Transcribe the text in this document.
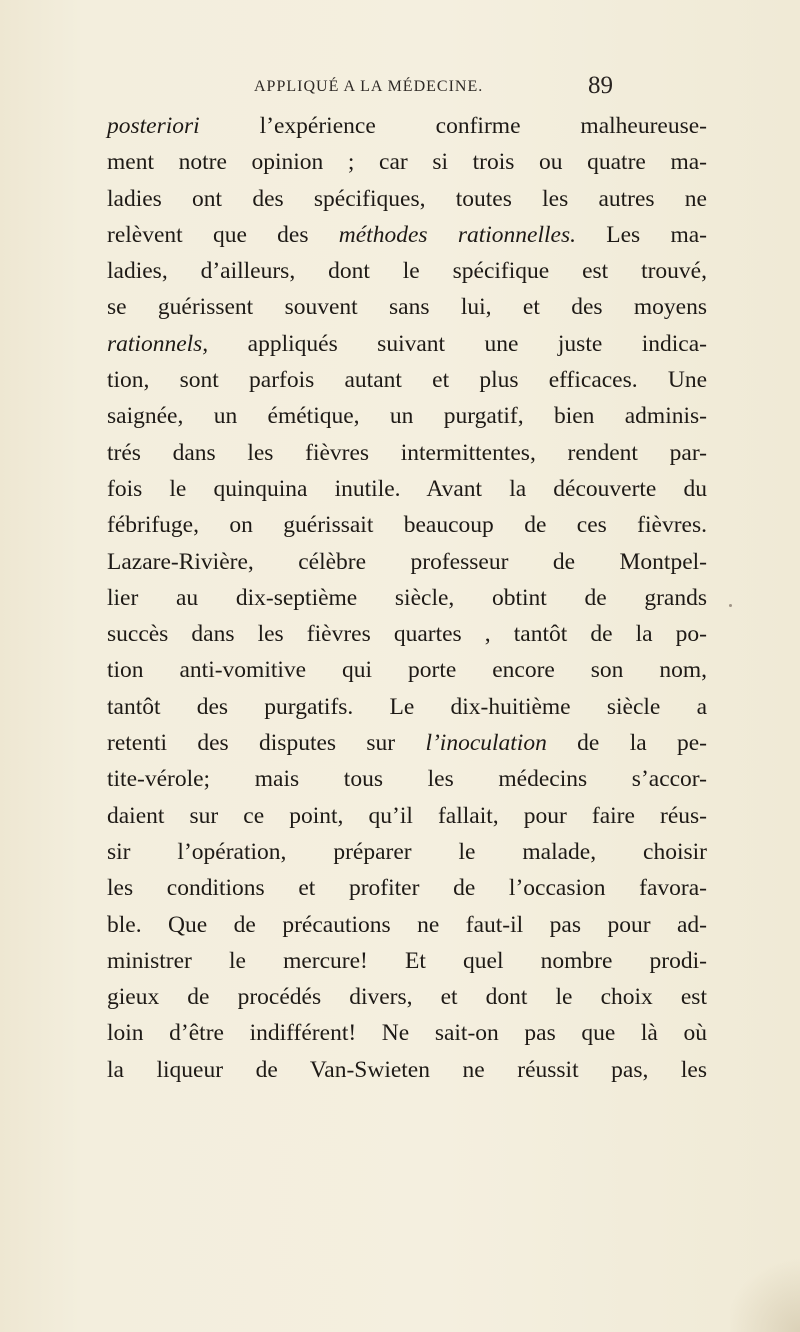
APPLIQUÉ A LA MÉDECINE.	89
posteriori l’expérience confirme malheureuse-
ment notre opinion ; car si trois ou quatre ma-
ladies ont des spécifiques, toutes les autres ne
relèvent que des méthodes rationnelles. Les ma-
ladies, d’ailleurs, dont le spécifique est trouvé,
se guérissent souvent sans lui, et des moyens
rationnels, appliqués suivant une juste indica-
tion, sont parfois autant et plus efficaces. Une
saignée, un émétique, un purgatif, bien adminis-
trés dans les fièvres intermittentes, rendent par-
fois le quinquina inutile. Avant la découverte du
fébrifuge, on guérissait beaucoup de ces fièvres.
Lazare-Rivière, célèbre professeur de Montpel-
lier au dix-septième siècle, obtint de grands
succès dans les fièvres quartes , tantôt de la po-
tion anti-vomitive qui porte encore son nom,
tantôt des purgatifs. Le dix-huitième siècle a
retenti des disputes sur l’inoculation de la pe-
tite-vérole; mais tous les médecins s’accor-
daient sur ce point, qu’il fallait, pour faire réus-
sir l’opération, préparer le malade, choisir
les conditions et profiter de l’occasion favora-
ble. Que de précautions ne faut-il pas pour ad-
ministrer le mercure! Et quel nombre prodi-
gieux de procédés divers, et dont le choix est
loin d’être indifférent! Ne sait-on pas que là où
la liqueur de Van-Swieten ne réussit pas, les
